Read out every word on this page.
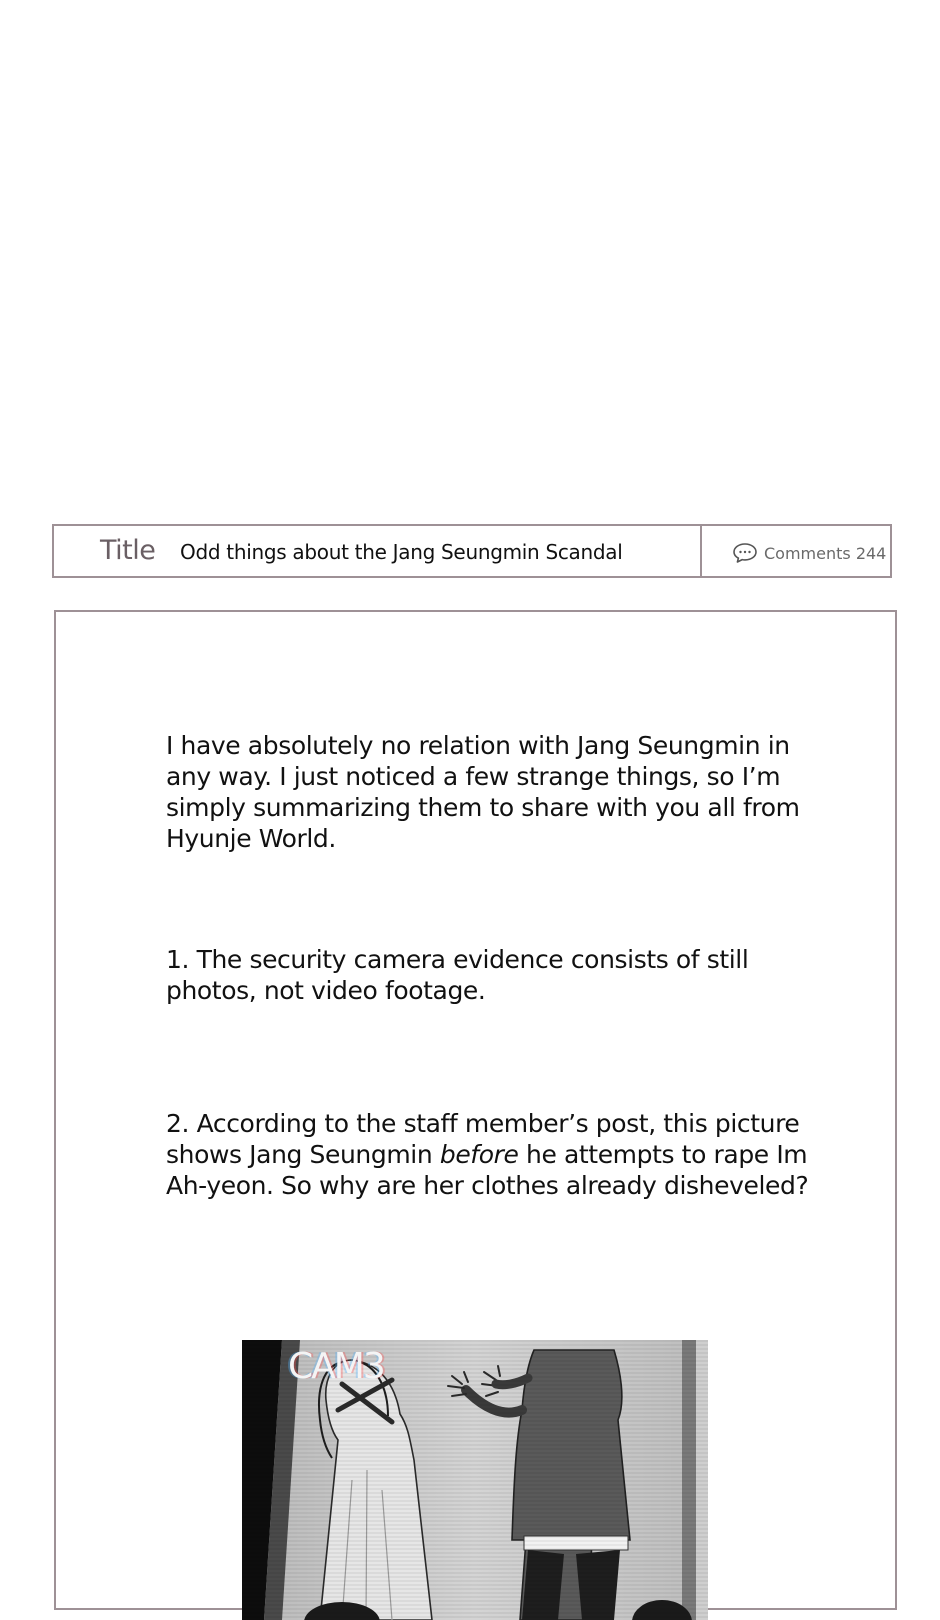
Title Odd things about the Jang Seungmin Scandal	Comments 244

I have absolutely no relation with Jang Seungmin in any way. I just noticed a few strange things, so I’m simply summarizing them to share with you all from Hyunje World.

1. The security camera evidence consists of still photos, not video footage.

2. According to the staff member’s post, this picture shows Jang Seungmin before he attempts to rape Im Ah-yeon. So why are her clothes already disheveled?

CAM3
